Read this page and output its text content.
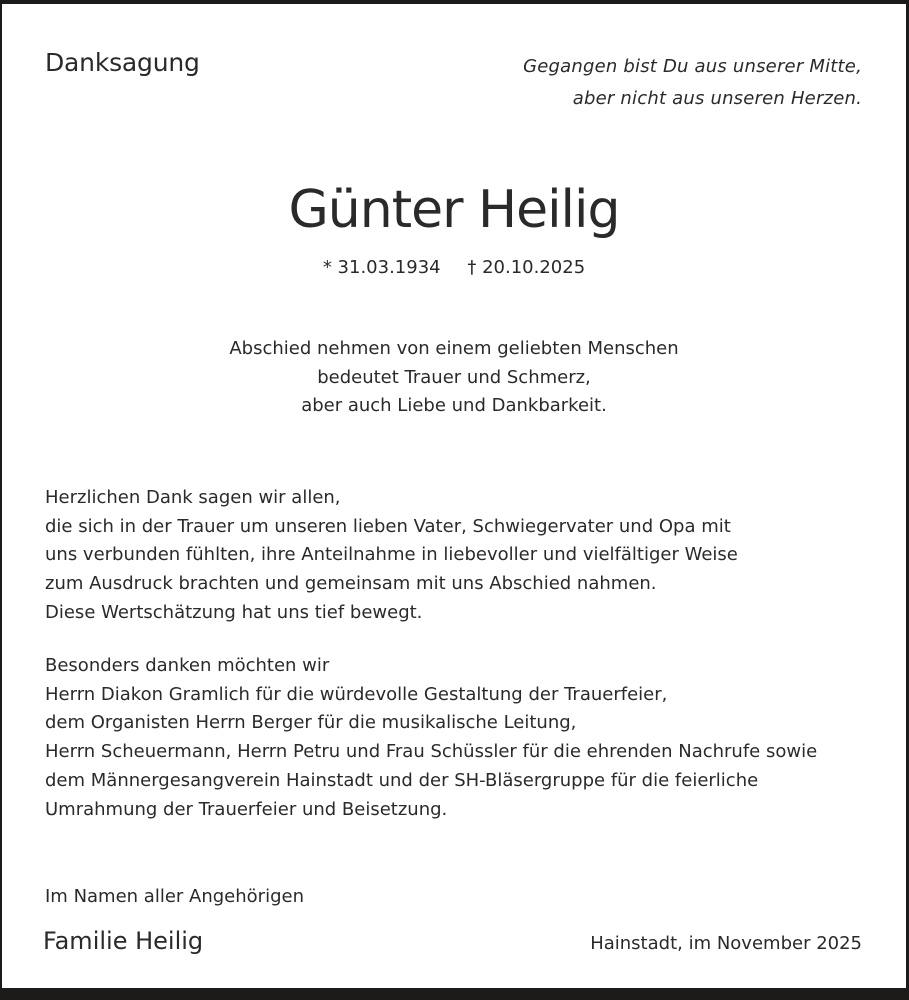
Danksagung	Gegangen bist Du aus unserer Mitte,
aber nicht aus unseren Herzen.
Günter Heilig
* 31.03.1934 † 20.10.2025
Abschied nehmen von einem geliebten Menschen
bedeutet Trauer und Schmerz,
aber auch Liebe und Dankbarkeit.
Herzlichen Dank sagen wir allen,
die sich in der Trauer um unseren lieben Vater, Schwiegervater und Opa mit
uns verbunden fühlten, ihre Anteilnahme in liebevoller und vielfältiger Weise
zum Ausdruck brachten und gemeinsam mit uns Abschied nahmen.
Diese Wertschätzung hat uns tief bewegt.
Besonders danken möchten wir
Herrn Diakon Gramlich für die würdevolle Gestaltung der Trauerfeier,
dem Organisten Herrn Berger für die musikalische Leitung,
Herrn Scheuermann, Herrn Petru und Frau Schüssler für die ehrenden Nachrufe sowie
dem Männergesangverein Hainstadt und der SH-Bläsergruppe für die feierliche
Umrahmung der Trauerfeier und Beisetzung.
Im Namen aller Angehörigen
Familie Heilig	Hainstadt, im November 2025
